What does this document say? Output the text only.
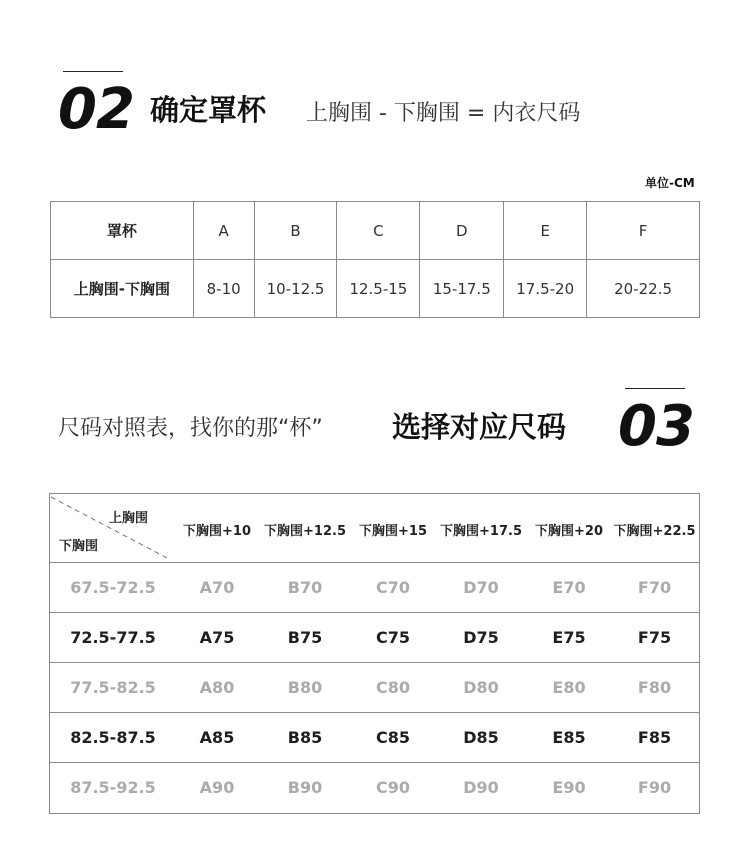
02 确定罩杯 上胸围 - 下胸围 = 内衣尺码
单位-CM
罩杯	A	B	C	D	E	F
上胸围-下胸围	8-10	10-12.5	12.5-15	15-17.5	17.5-20	20-22.5
尺码对照表，找你的那“杯” 选择对应尺码 03
上胸围
下胸围	下胸围+10	下胸围+12.5	下胸围+15	下胸围+17.5	下胸围+20	下胸围+22.5
67.5-72.5	A70	B70	C70	D70	E70	F70
72.5-77.5	A75	B75	C75	D75	E75	F75
77.5-82.5	A80	B80	C80	D80	E80	F80
82.5-87.5	A85	B85	C85	D85	E85	F85
87.5-92.5	A90	B90	C90	D90	E90	F90
